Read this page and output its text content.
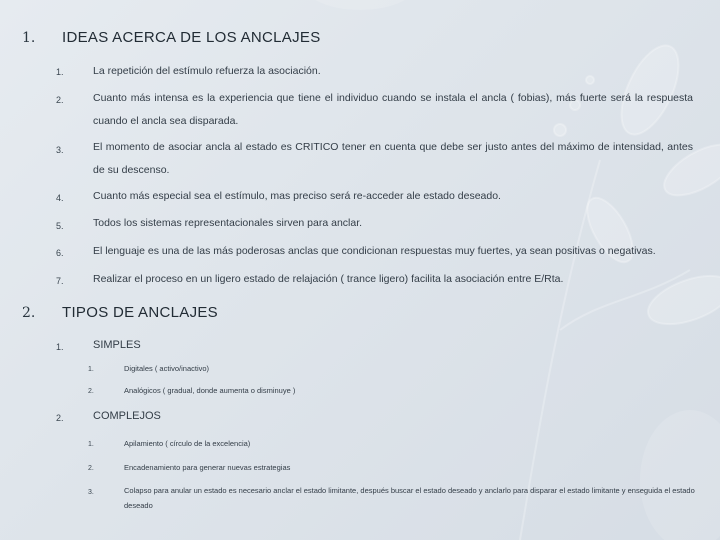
1. IDEAS ACERCA DE LOS ANCLAJES
1.	La repetición del estímulo refuerza la asociación.
2.	Cuanto más intensa es la experiencia que tiene el individuo cuando se instala el ancla ( fobias), más fuerte será la respuesta cuando el ancla sea disparada.
3.	El momento de asociar ancla al estado es CRITICO tener en cuenta que debe ser justo antes del máximo de intensidad, antes de su descenso.
4.	Cuanto más especial sea el estímulo, mas preciso será re-acceder ale estado deseado.
5.	Todos los sistemas representacionales sirven para anclar.
6.	El lenguaje es una de las más poderosas anclas que condicionan respuestas muy fuertes, ya sean positivas o negativas.
7.	Realizar el proceso en un ligero estado de relajación ( trance ligero) facilita la asociación entre E/Rta.
2. TIPOS DE ANCLAJES
1.	SIMPLES
1.	Digitales ( activo/inactivo)
2.	Analógicos ( gradual, donde aumenta o disminuye )
2.	COMPLEJOS
1.	Apilamiento ( círculo de la excelencia)
2.	Encadenamiento para generar nuevas estrategias
3.	Colapso para anular un estado es necesario anclar el estado limitante, después buscar el estado deseado y anclarlo para disparar el estado limitante y enseguida el estado deseado
